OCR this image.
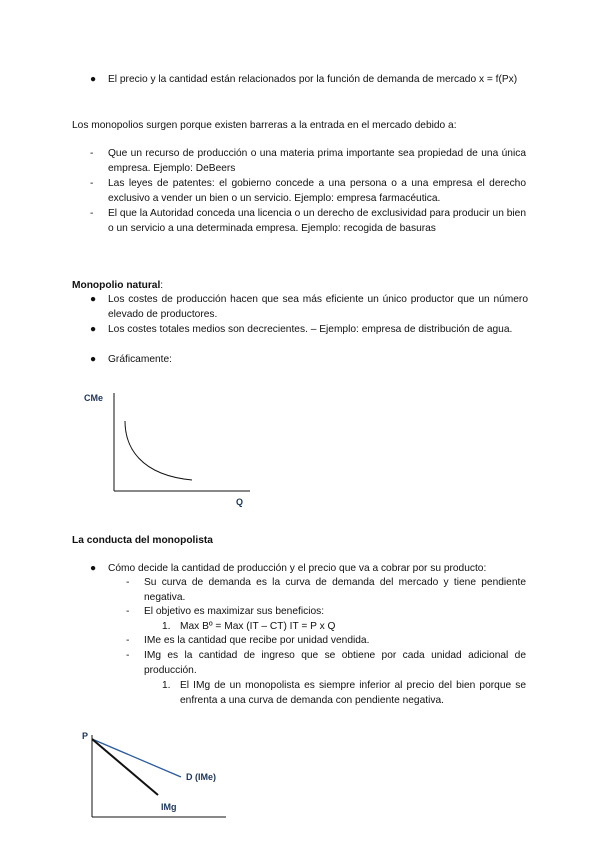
● El precio y la cantidad están relacionados por la función de demanda de mercado x = f(Px)
Los monopolios surgen porque existen barreras a la entrada en el mercado debido a:
- Que un recurso de producción o una materia prima importante sea propiedad de una única empresa. Ejemplo: DeBeers
- Las leyes de patentes: el gobierno concede a una persona o a una empresa el derecho exclusivo a vender un bien o un servicio. Ejemplo: empresa farmacéutica.
- El que la Autoridad conceda una licencia o un derecho de exclusividad para producir un bien o un servicio a una determinada empresa. Ejemplo: recogida de basuras
Monopolio natural:
● Los costes de producción hacen que sea más eficiente un único productor que un número elevado de productores.
● Los costes totales medios son decrecientes. – Ejemplo: empresa de distribución de agua.
● Gráficamente:
CMe
Q
La conducta del monopolista
● Cómo decide la cantidad de producción y el precio que va a cobrar por su producto:
- Su curva de demanda es la curva de demanda del mercado y tiene pendiente negativa.
- El objetivo es maximizar sus beneficios:
1. Max Bº = Max (IT – CT) IT = P x Q
- IMe es la cantidad que recibe por unidad vendida.
- IMg es la cantidad de ingreso que se obtiene por cada unidad adicional de producción.
1. El IMg de un monopolista es siempre inferior al precio del bien porque se enfrenta a una curva de demanda con pendiente negativa.
P
D (IMe)
IMg
